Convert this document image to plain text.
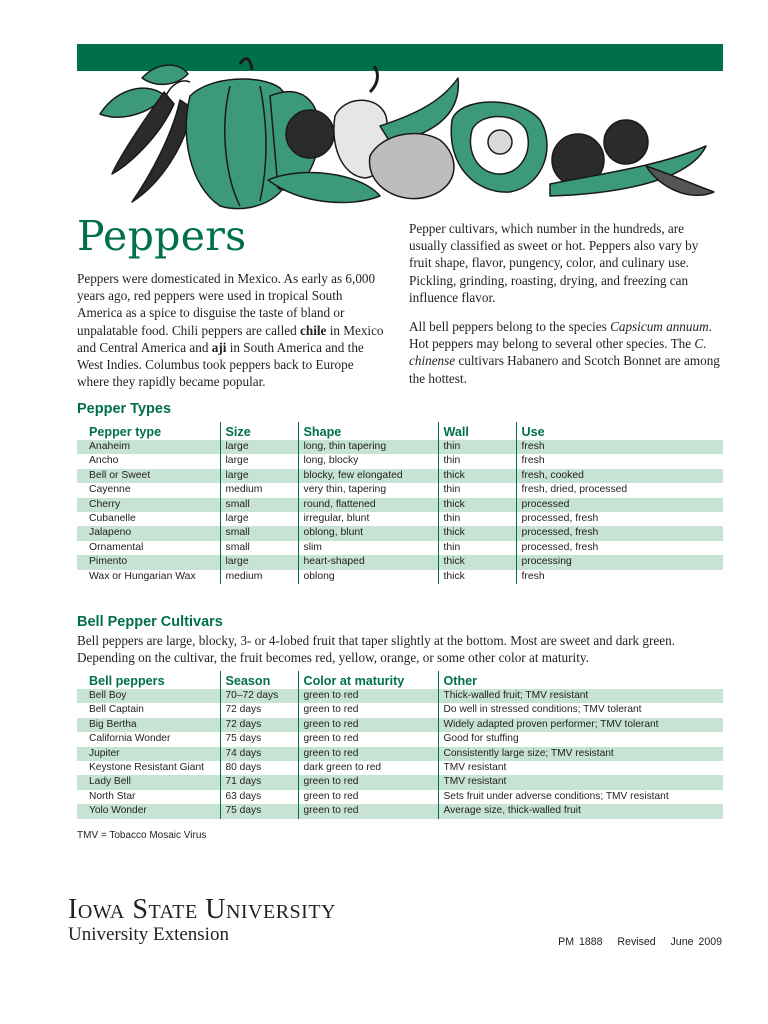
Peppers

Peppers were domesticated in Mexico. As early as 6,000 years ago, red peppers were used in tropical South America as a spice to disguise the taste of bland or unpalatable food. Chili peppers are called chile in Mexico and Central America and aji in South America and the West Indies. Columbus took peppers back to Europe where they rapidly became popular.

Pepper cultivars, which number in the hundreds, are usually classified as sweet or hot. Peppers also vary by fruit shape, flavor, pungency, color, and culinary use. Pickling, grinding, roasting, drying, and freezing can influence flavor.

All bell peppers belong to the species Capsicum annuum. Hot peppers may belong to several other species. The C. chinense cultivars Habanero and Scotch Bonnet are among the hottest.

Pepper Types
Pepper type	Size	Shape	Wall	Use
Anaheim	large	long, thin tapering	thin	fresh
Ancho	large	long, blocky	thin	fresh
Bell or Sweet	large	blocky, few elongated	thick	fresh, cooked
Cayenne	medium	very thin, tapering	thin	fresh, dried, processed
Cherry	small	round, flattened	thick	processed
Cubanelle	large	irregular, blunt	thin	processed, fresh
Jalapeno	small	oblong, blunt	thick	processed, fresh
Ornamental	small	slim	thin	processed, fresh
Pimento	large	heart-shaped	thick	processing
Wax or Hungarian Wax	medium	oblong	thick	fresh
Bell Pepper Cultivars

Bell peppers are large, blocky, 3- or 4-lobed fruit that taper slightly at the bottom. Most are sweet and dark green. Depending on the cultivar, the fruit becomes red, yellow, orange, or some other color at maturity.

Bell peppers	Season	Color at maturity	Other
Bell Boy	70–72 days	green to red	Thick-walled fruit; TMV resistant
Bell Captain	72 days	green to red	Do well in stressed conditions; TMV tolerant
Big Bertha	72 days	green to red	Widely adapted proven performer; TMV tolerant
California Wonder	75 days	green to red	Good for stuffing
Jupiter	74 days	green to red	Consistently large size; TMV resistant
Keystone Resistant Giant	80 days	dark green to red	TMV resistant
Lady Bell	71 days	green to red	TMV resistant
North Star	63 days	green to red	Sets fruit under adverse conditions; TMV resistant
Yolo Wonder	75 days	green to red	Average size, thick-walled fruit
TMV = Tobacco Mosaic Virus
Iowa State University
University Extension	PM 1888   Revised   June 2009
